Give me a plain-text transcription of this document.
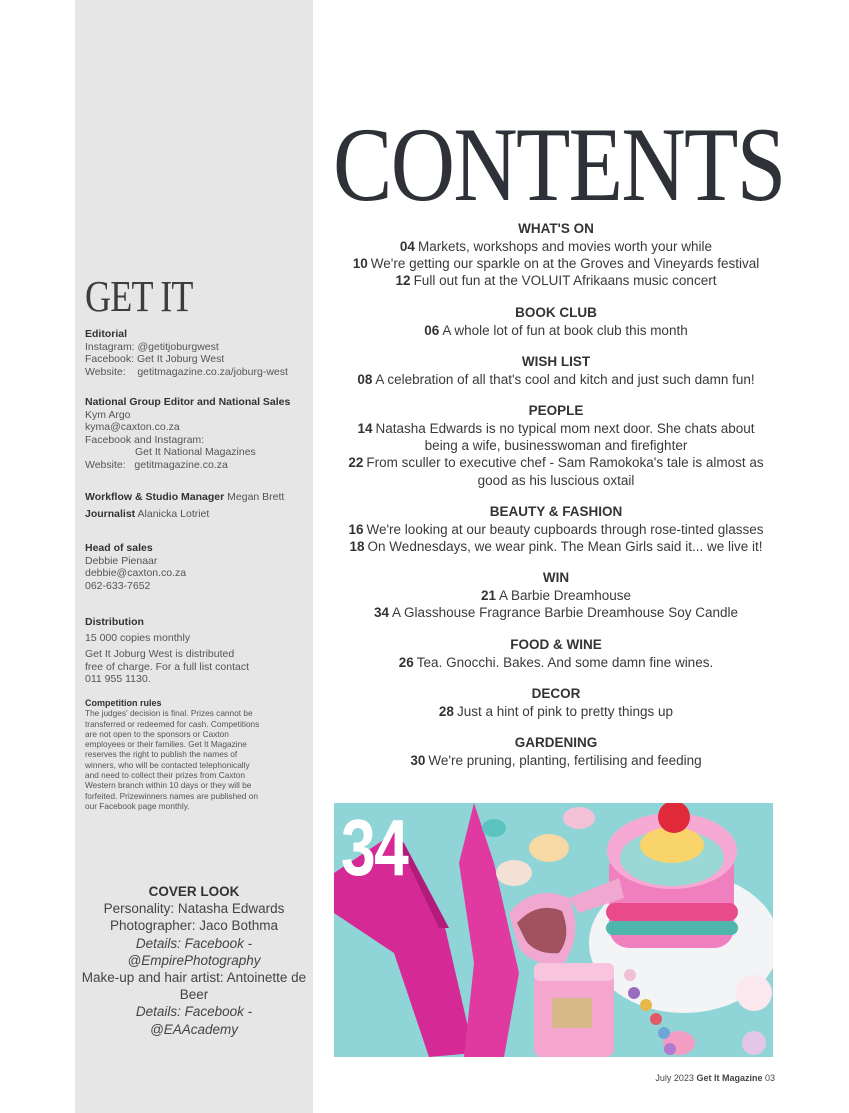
GET IT
Editorial
Instagram: @getitjoburgwest
Facebook: Get It Joburg West
Website:    getitmagazine.co.za/joburg-west
National Group Editor and National Sales
Kym Argo
kyma@caxton.co.za
Facebook and Instagram:
Get It National Magazines
Website:   getitmagazine.co.za
Workflow & Studio Manager Megan Brett
Journalist Alanicka Lotriet
Head of sales
Debbie Pienaar
debbie@caxton.co.za
062-633-7652
Distribution
15 000 copies monthly
Get It Joburg West is distributed
free of charge. For a full list contact
011 955 1130.
Competition rules
The judges' decision is final. Prizes cannot be
transferred or redeemed for cash. Competitions
are not open to the sponsors or Caxton
employees or their families. Get It Magazine
reserves the right to publish the names of
winners, who will be contacted telephonically
and need to collect their prizes from Caxton
Western branch within 10 days or they will be
forfeited. Prizewinners names are published on
our Facebook page monthly.
COVER LOOK
Personality: Natasha Edwards
Photographer: Jaco Bothma
Details: Facebook - @EmpirePhotography
Make-up and hair artist: Antoinette de Beer
Details: Facebook - @EAAcademy
CONTENTS
WHAT'S ON
04 Markets, workshops and movies worth your while
10 We're getting our sparkle on at the Groves and Vineyards festival
12 Full out fun at the VOLUIT Afrikaans music concert
BOOK CLUB
06 A whole lot of fun at book club this month
WISH LIST
08 A celebration of all that's cool and kitch and just such damn fun!
PEOPLE
14 Natasha Edwards is no typical mom next door. She chats about being a wife, businesswoman and firefighter
22 From sculler to executive chef - Sam Ramokoka's tale is almost as good as his luscious oxtail
BEAUTY & FASHION
16 We're looking at our beauty cupboards through rose-tinted glasses
18 On Wednesdays, we wear pink. The Mean Girls said it... we live it!
WIN
21 A Barbie Dreamhouse
34 A Glasshouse Fragrance Barbie Dreamhouse Soy Candle
FOOD & WINE
26 Tea. Gnocchi. Bakes. And some damn fine wines.
DECOR
28 Just a hint of pink to pretty things up
GARDENING
30 We're pruning, planting, fertilising and feeding
34
July 2023 Get It Magazine 03
